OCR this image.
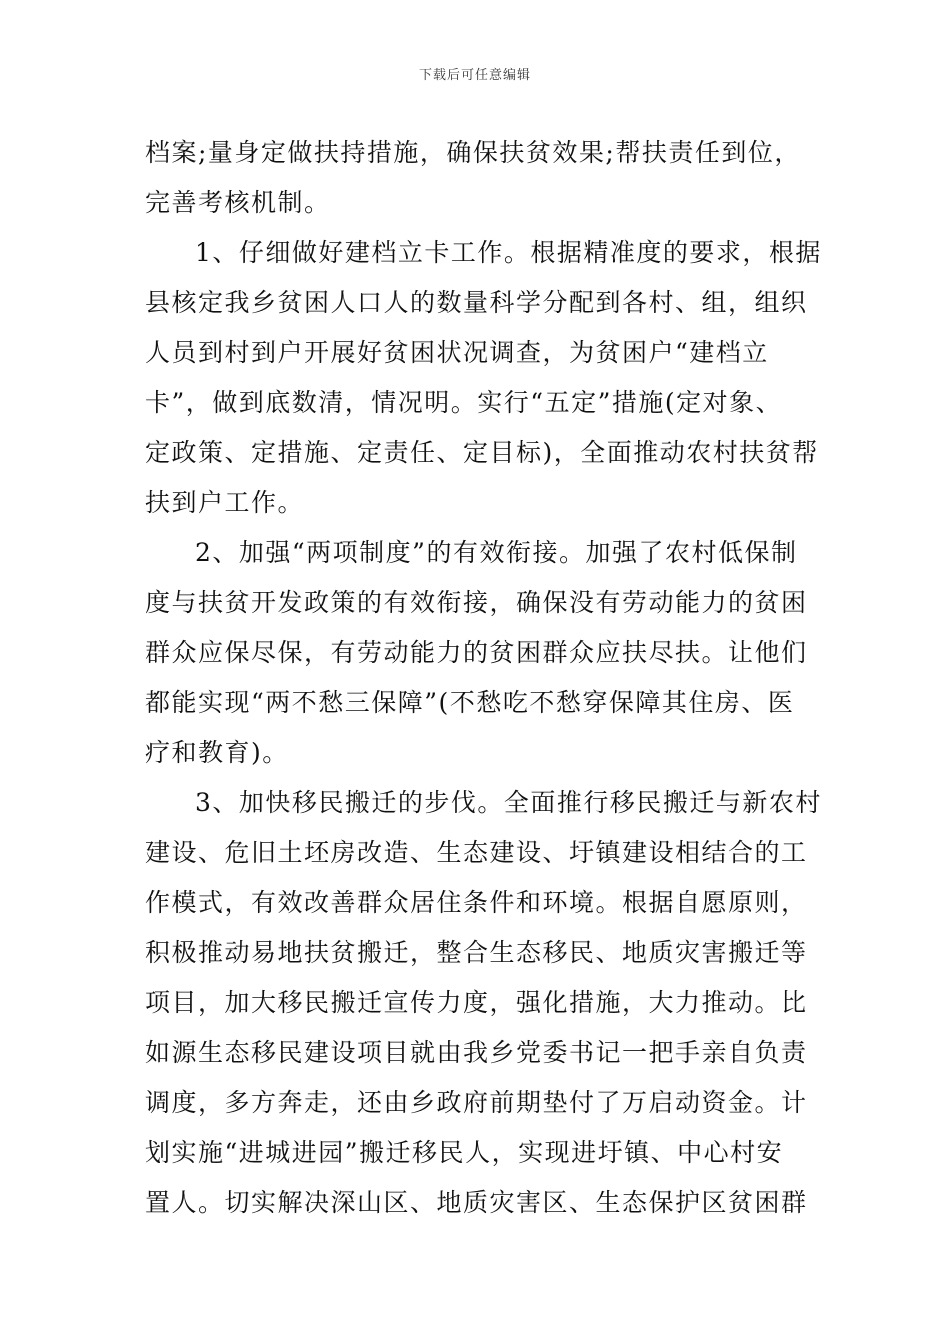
下载后可任意编辑
档案;量身定做扶持措施，确保扶贫效果;帮扶责任到位，
完善考核机制。
1、仔细做好建档立卡工作。根据精准度的要求，根据
县核定我乡贫困人口人的数量科学分配到各村、组，组织
人员到村到户开展好贫困状况调查，为贫困户“建档立
卡”，做到底数清，情况明。实行“五定”措施(定对象、
定政策、定措施、定责任、定目标)，全面推动农村扶贫帮
扶到户工作。
2、加强“两项制度”的有效衔接。加强了农村低保制
度与扶贫开发政策的有效衔接，确保没有劳动能力的贫困
群众应保尽保，有劳动能力的贫困群众应扶尽扶。让他们
都能实现“两不愁三保障”(不愁吃不愁穿保障其住房、医
疗和教育)。
3、加快移民搬迁的步伐。全面推行移民搬迁与新农村
建设、危旧土坯房改造、生态建设、圩镇建设相结合的工
作模式，有效改善群众居住条件和环境。根据自愿原则，
积极推动易地扶贫搬迁，整合生态移民、地质灾害搬迁等
项目，加大移民搬迁宣传力度，强化措施，大力推动。比
如源生态移民建设项目就由我乡党委书记一把手亲自负责
调度，多方奔走，还由乡政府前期垫付了万启动资金。计
划实施“进城进园”搬迁移民人，实现进圩镇、中心村安
置人。切实解决深山区、地质灾害区、生态保护区贫困群
